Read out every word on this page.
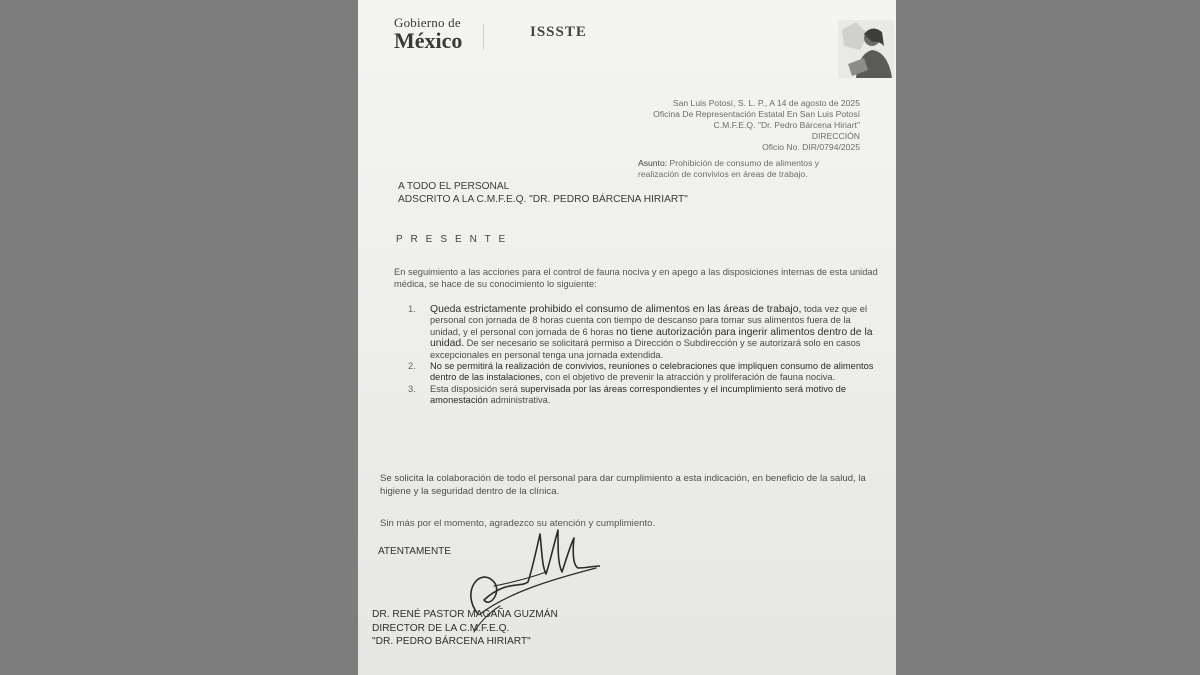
Gobierno de
México	ISSSTE
San Luis Potosí, S. L. P., A 14 de agosto de 2025
Oficina De Representación Estatal En San Luis Potosí
C.M.F.E.Q. "Dr. Pedro Bárcena Hiriart"
DIRECCIÓN
Oficio No. DIR/0794/2025
Asunto: Prohibición de consumo de alimentos y realización de convivios en áreas de trabajo.
A TODO EL PERSONAL
ADSCRITO A LA C.M.F.E.Q. "DR. PEDRO BÁRCENA HIRIART"
P R E S E N T E
En seguimiento a las acciones para el control de fauna nociva y en apego a las disposiciones internas de esta unidad médica, se hace de su conocimiento lo siguiente:
1. Queda estrictamente prohibido el consumo de alimentos en las áreas de trabajo, toda vez que el personal con jornada de 8 horas cuenta con tiempo de descanso para tomar sus alimentos fuera de la unidad, y el personal con jornada de 6 horas no tiene autorización para ingerir alimentos dentro de la unidad. De ser necesario se solicitará permiso a Dirección o Subdirección y se autorizará solo en casos excepcionales en personal tenga una jornada extendida.
2. No se permitirá la realización de convivios, reuniones o celebraciones que impliquen consumo de alimentos dentro de las instalaciones, con el objetivo de prevenir la atracción y proliferación de fauna nociva.
3. Esta disposición será supervisada por las áreas correspondientes y el incumplimiento será motivo de amonestación administrativa.
Se solicita la colaboración de todo el personal para dar cumplimiento a esta indicación, en beneficio de la salud, la higiene y la seguridad dentro de la clínica.
Sin más por el momento, agradezco su atención y cumplimiento.
ATENTAMENTE
DR. RENÉ PASTOR MAGAÑA GUZMÁN
DIRECTOR DE LA C.M.F.E.Q.
"DR. PEDRO BÁRCENA HIRIART"
